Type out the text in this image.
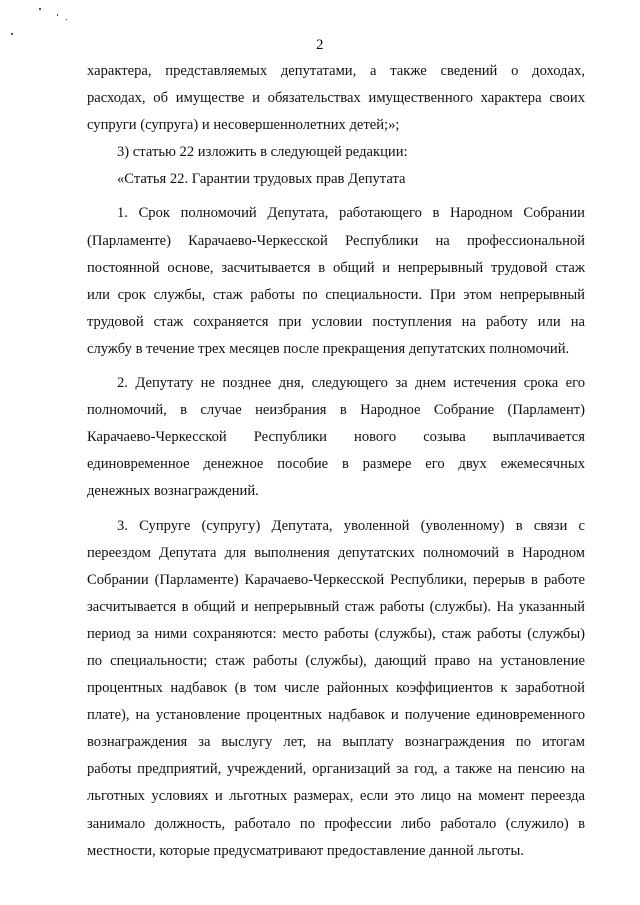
2
характера, представляемых депутатами, а также сведений о доходах,
расходах, об имуществе и обязательствах имущественного характера своих
супруги (супруга) и несовершеннолетних детей;»;
3) статью 22 изложить в следующей редакции:
«Статья 22. Гарантии трудовых прав Депутата
1. Срок полномочий Депутата, работающего в Народном Собрании
(Парламенте) Карачаево-Черкесской Республики на профессиональной
постоянной основе, засчитывается в общий и непрерывный трудовой стаж
или срок службы, стаж работы по специальности. При этом непрерывный
трудовой стаж сохраняется при условии поступления на работу или на
службу в течение трех месяцев после прекращения депутатских полномочий.
2. Депутату не позднее дня, следующего за днем истечения срока его
полномочий, в случае неизбрания в Народное Собрание (Парламент)
Карачаево-Черкесской Республики нового созыва выплачивается
единовременное денежное пособие в размере его двух ежемесячных
денежных вознаграждений.
3. Супруге (супругу) Депутата, уволенной (уволенному) в связи с
переездом Депутата для выполнения депутатских полномочий в Народном
Собрании (Парламенте) Карачаево-Черкесской Республики, перерыв в работе
засчитывается в общий и непрерывный стаж работы (службы). На указанный
период за ними сохраняются: место работы (службы), стаж работы (службы)
по специальности; стаж работы (службы), дающий право на установление
процентных надбавок (в том числе районных коэффициентов к заработной
плате), на установление процентных надбавок и получение единовременного
вознаграждения за выслугу лет, на выплату вознаграждения по итогам
работы предприятий, учреждений, организаций за год, а также на пенсию на
льготных условиях и льготных размерах, если это лицо на момент переезда
занимало должность, работало по профессии либо работало (служило) в
местности, которые предусматривают предоставление данной льготы.
